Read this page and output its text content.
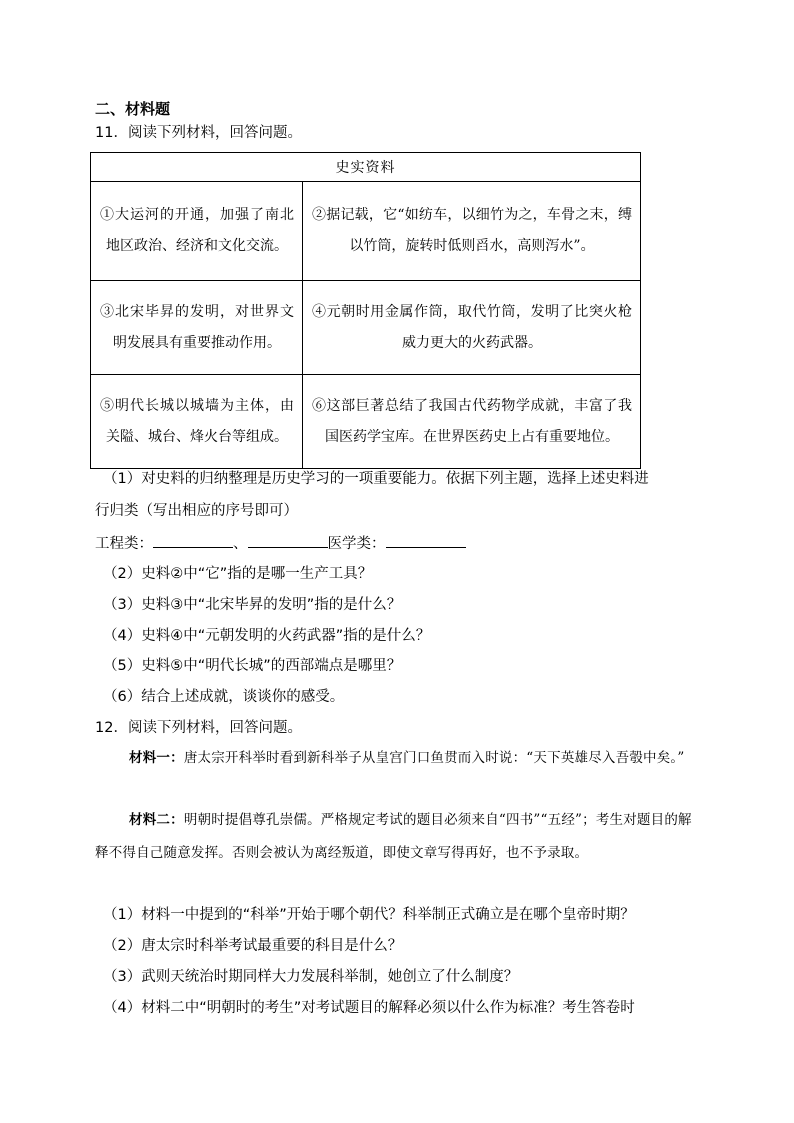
二、材料题
11．阅读下列材料，回答问题。
史实资料	

①大运河的开通，加强了南北地区政治、经济和文化交流。	②据记载，它“如纺车，以细竹为之，车骨之末，缚以竹筒，旋转时低则舀水，高则泻水”。

③北宋毕昇的发明，对世界文明发展具有重要推动作用。	④元朝时用金属作筒，取代竹筒，发明了比突火枪威力更大的火药武器。

⑤明代长城以城墙为主体，由关隘、城台、烽火台等组成。	⑥这部巨著总结了我国古代药物学成就，丰富了我国医药学宝库。在世界医药史上占有重要地位。
（1）对史料的归纳整理是历史学习的一项重要能力。依据下列主题，选择上述史料进
行归类（写出相应的序号即可）
工程类：	、	医学类：
（2）史料②中“它”指的是哪一生产工具？
（3）史料③中“北宋毕昇的发明”指的是什么？
（4）史料④中“元朝发明的火药武器”指的是什么？
（5）史料⑤中“明代长城”的西部端点是哪里？
（6）结合上述成就，谈谈你的感受。
12．阅读下列材料，回答问题。
材料一：唐太宗开科举时看到新科举子从皇宫门口鱼贯而入时说：“天下英雄尽入吾彀中矣。”
材料二：明朝时提倡尊孔崇儒。严格规定考试的题目必须来自“四书”“五经”；考生对题目的解释不得自己随意发挥。否则会被认为离经叛道，即使文章写得再好，也不予录取。
（1）材料一中提到的“科举”开始于哪个朝代？科举制正式确立是在哪个皇帝时期？
（2）唐太宗时科举考试最重要的科目是什么？
（3）武则天统治时期同样大力发展科举制，她创立了什么制度？
（4）材料二中“明朝时的考生”对考试题目的解释必须以什么作为标准？考生答卷时
